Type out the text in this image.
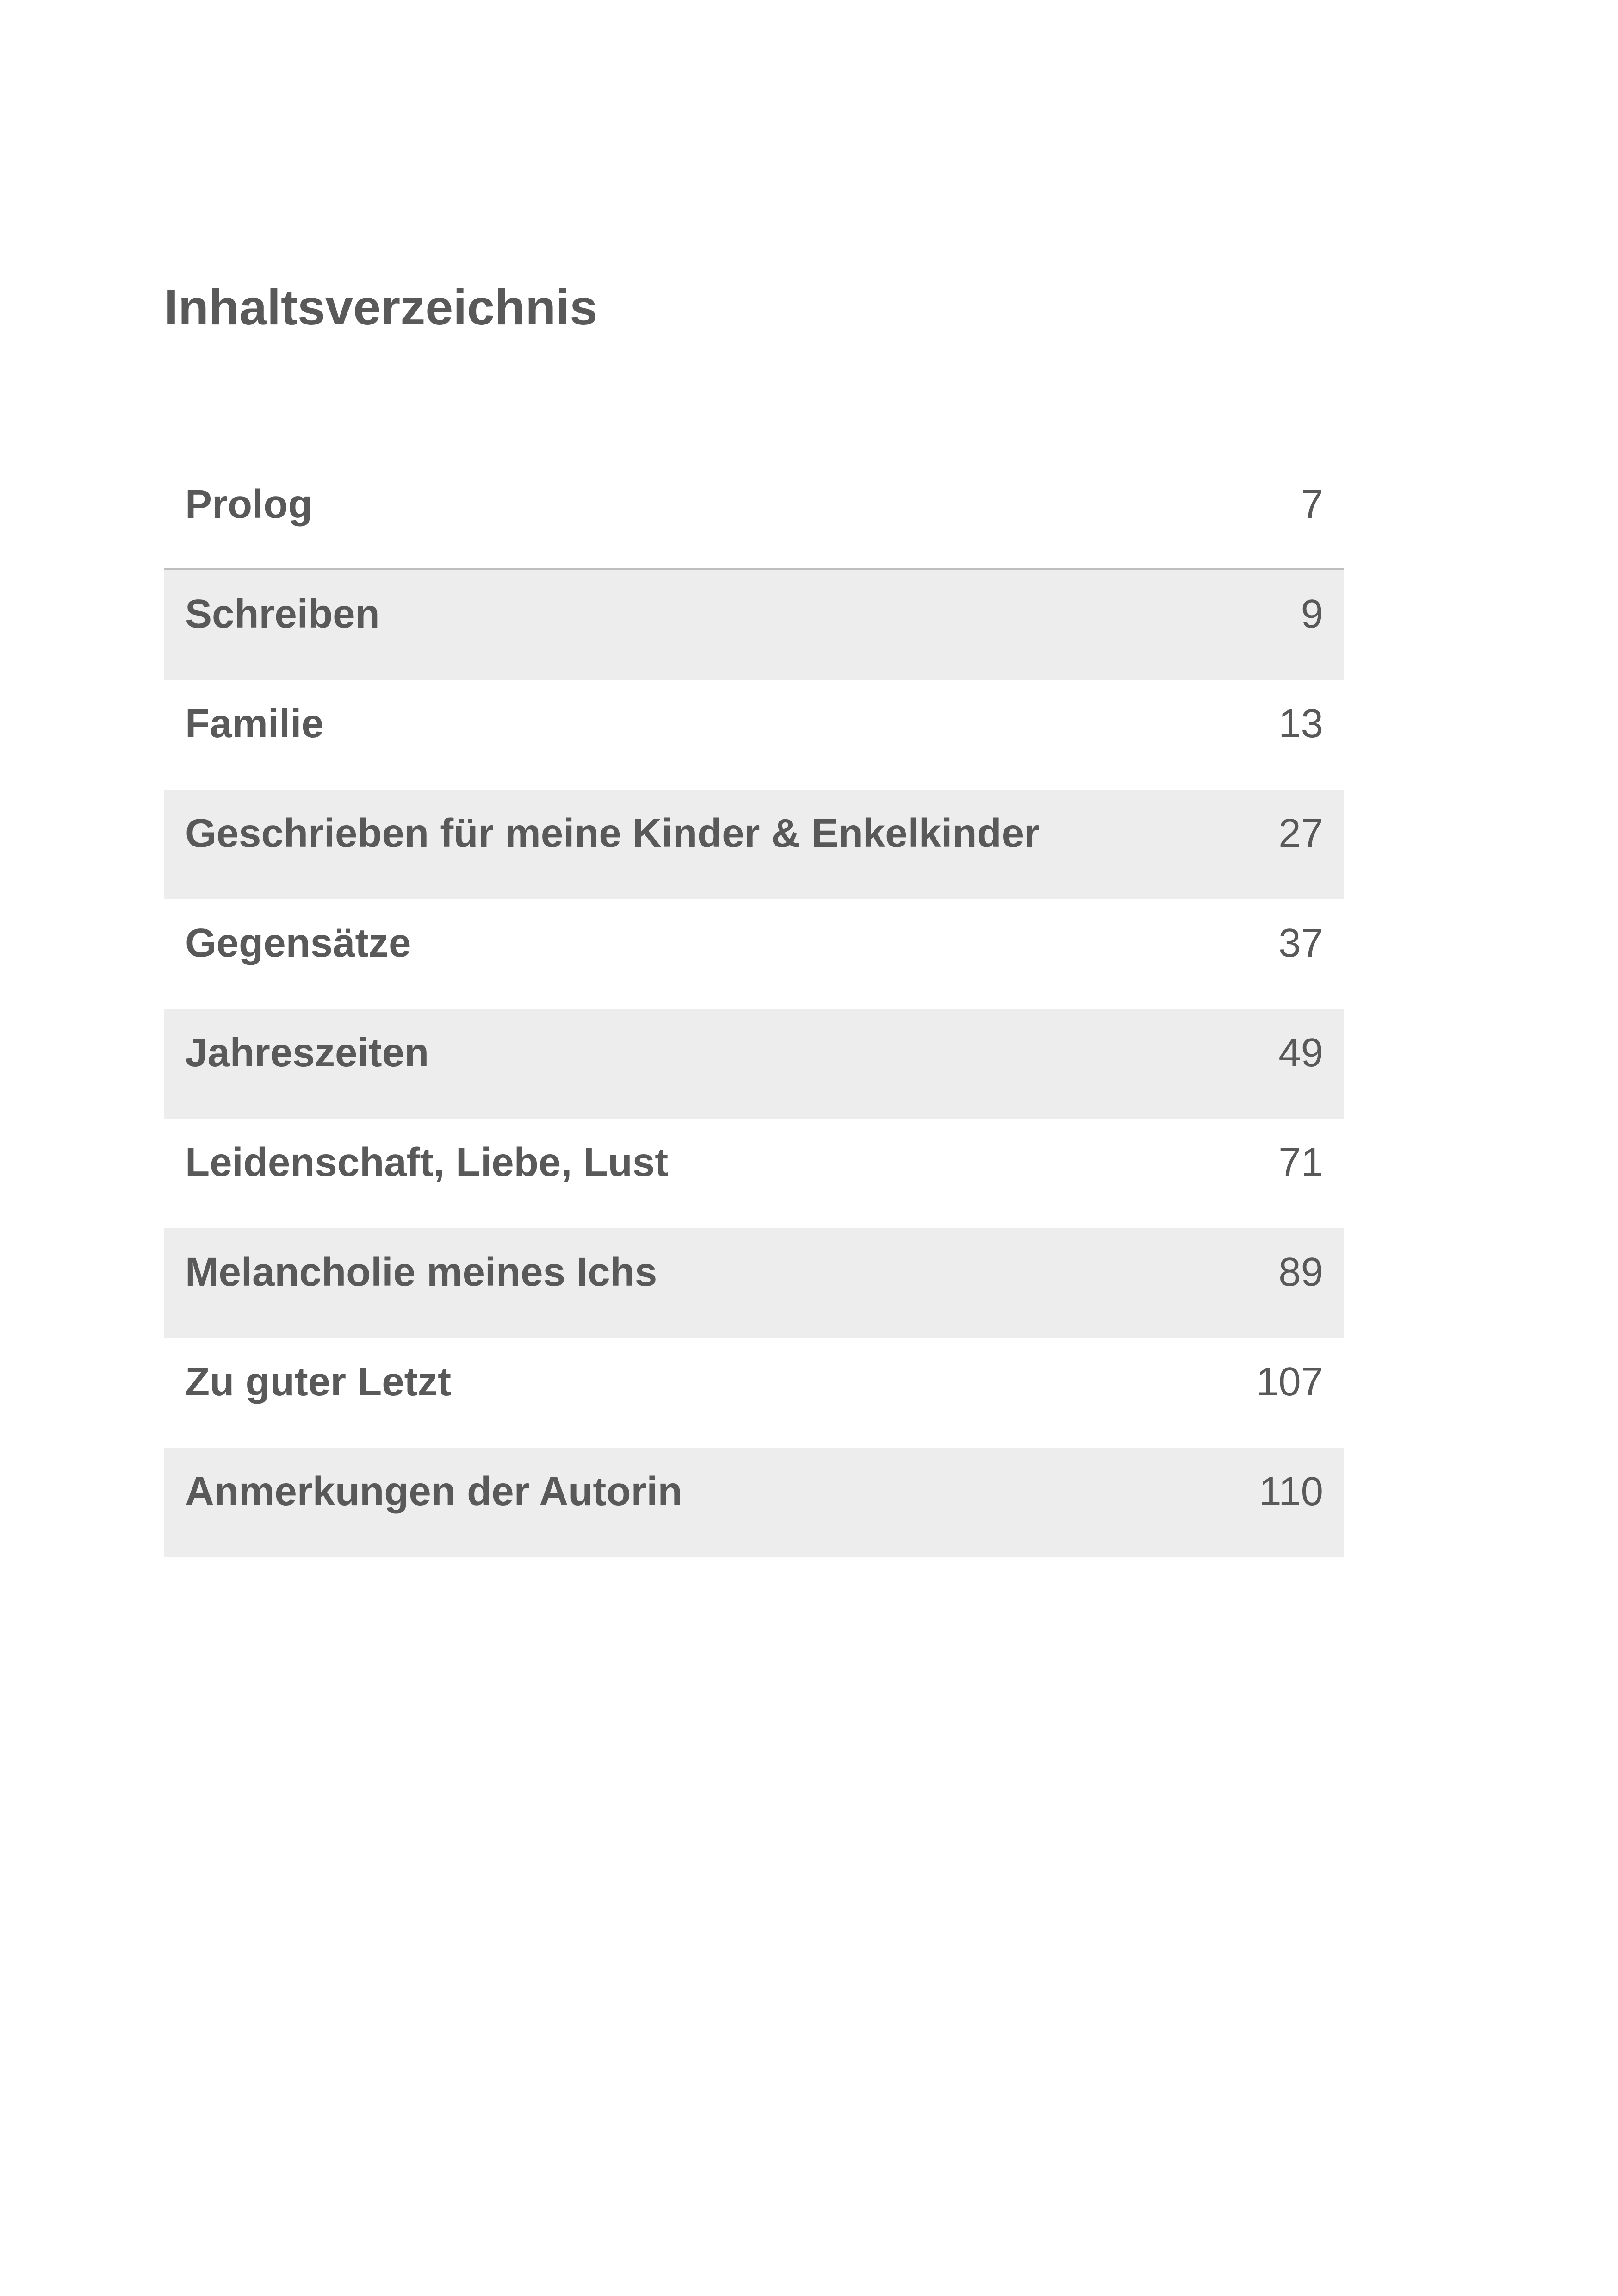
Inhaltsverzeichnis
Prolog	7
Schreiben	9
Familie	13
Geschrieben für meine Kinder & Enkelkinder	27
Gegensätze	37
Jahreszeiten	49
Leidenschaft, Liebe, Lust	71
Melancholie meines Ichs	89
Zu guter Letzt	107
Anmerkungen der Autorin	110
